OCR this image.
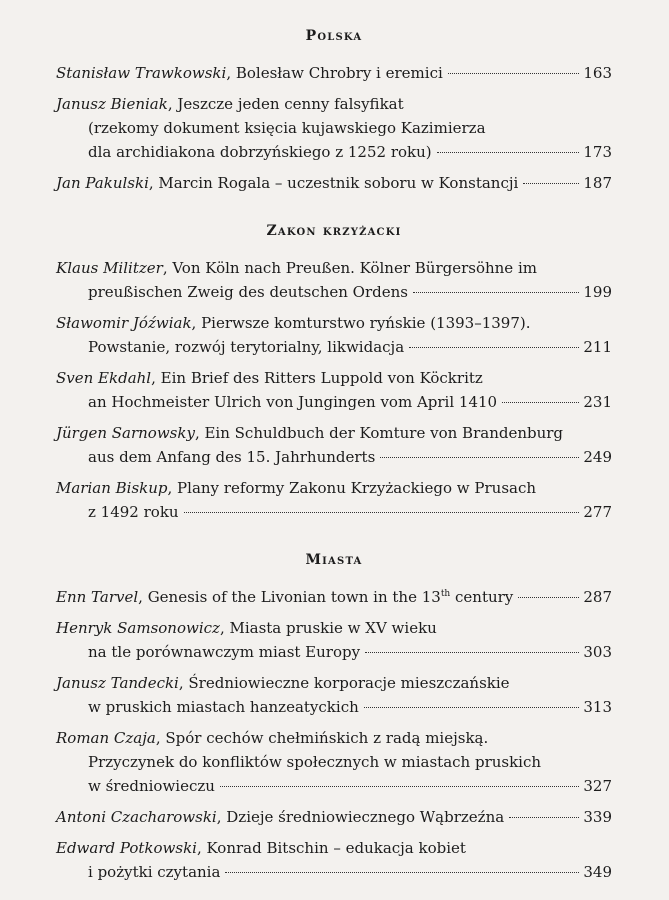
Polska
Stanisław Trawkowski, Bolesław Chrobry i eremici	163
Janusz Bieniak, Jeszcze jeden cenny falsyfikat
(rzekomy dokument księcia kujawskiego Kazimierza
dla archidiakona dobrzyńskiego z 1252 roku)	173
Jan Pakulski, Marcin Rogala – uczestnik soboru w Konstancji	187
Zakon krzyżacki
Klaus Militzer, Von Köln nach Preußen. Kölner Bürgersöhne im
preußischen Zweig des deutschen Ordens	199
Sławomir Jóźwiak, Pierwsze komturstwo ryńskie (1393–1397).
Powstanie, rozwój terytorialny, likwidacja	211
Sven Ekdahl, Ein Brief des Ritters Luppold von Köckritz
an Hochmeister Ulrich von Jungingen vom April 1410	231
Jürgen Sarnowsky, Ein Schuldbuch der Komture von Brandenburg
aus dem Anfang des 15. Jahrhunderts	249
Marian Biskup, Plany reformy Zakonu Krzyżackiego w Prusach
z 1492 roku	277
Miasta
Enn Tarvel, Genesis of the Livonian town in the 13th century	287
Henryk Samsonowicz, Miasta pruskie w XV wieku
na tle porównawczym miast Europy	303
Janusz Tandecki, Średniowieczne korporacje mieszczańskie
w pruskich miastach hanzeatyckich	313
Roman Czaja, Spór cechów chełmińskich z radą miejską.
Przyczynek do konfliktów społecznych w miastach pruskich
w średniowieczu	327
Antoni Czacharowski, Dzieje średniowiecznego Wąbrzeźna	339
Edward Potkowski, Konrad Bitschin – edukacja kobiet
i pożytki czytania	349
